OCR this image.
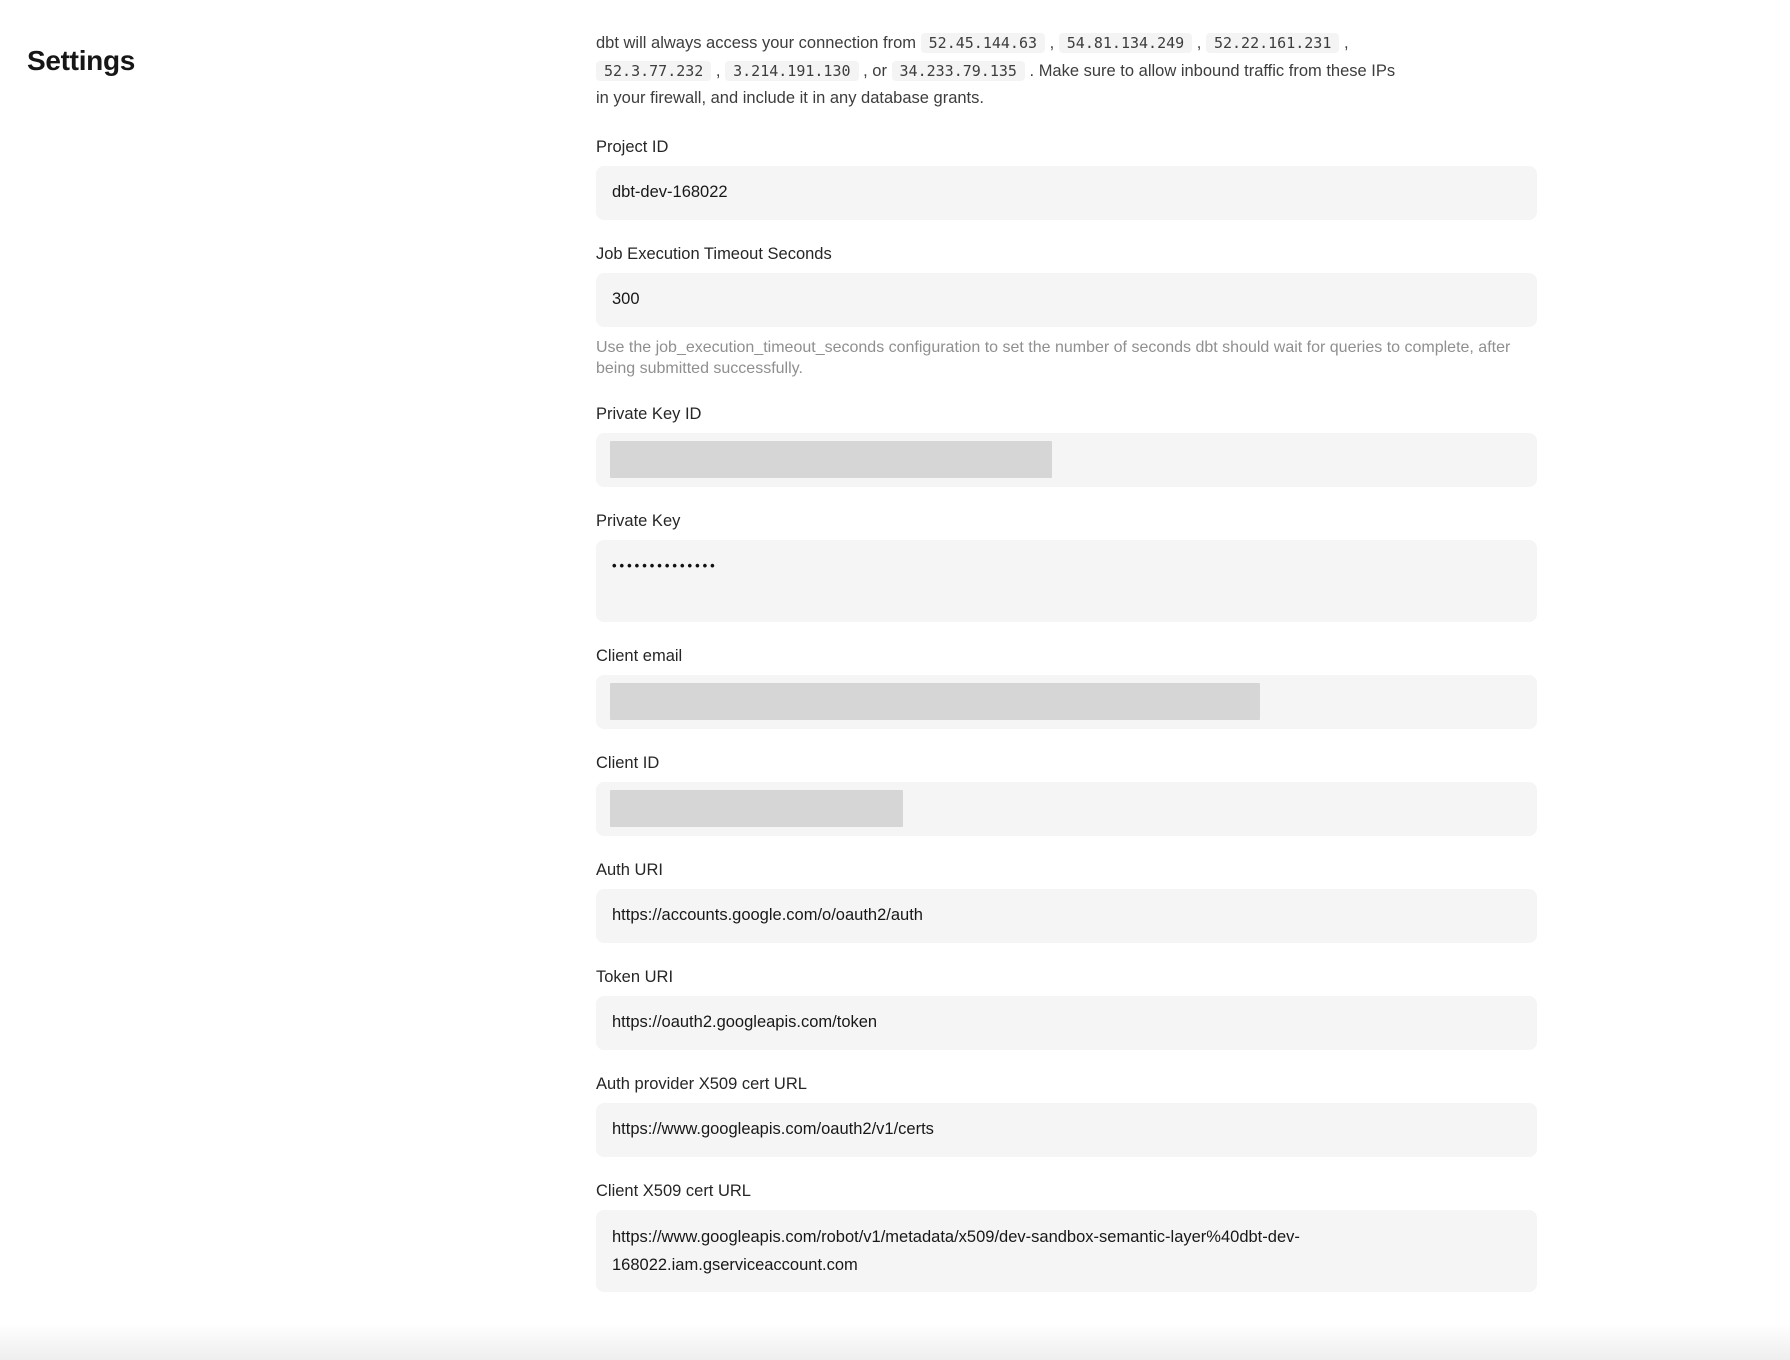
Settings

dbt will always access your connection from 52.45.144.63 , 54.81.134.249 , 52.22.161.231 ,
52.3.77.232 , 3.214.191.130 , or 34.233.79.135 . Make sure to allow inbound traffic from these IPs
in your firewall, and include it in any database grants.

Project ID
dbt-dev-168022
Job Execution Timeout Seconds
300

Use the job_execution_timeout_seconds configuration to set the number of seconds dbt should wait for queries to complete, after being submitted successfully.

Private Key ID
Private Key
••••••••••••••
Client email
Client ID
Auth URI
https://accounts.google.com/o/oauth2/auth
Token URI
https://oauth2.googleapis.com/token
Auth provider X509 cert URL
https://www.googleapis.com/oauth2/v1/certs
Client X509 cert URL
https://www.googleapis.com/robot/v1/metadata/x509/dev-sandbox-semantic-layer%40dbt-dev-168022.iam.gserviceaccount.com
